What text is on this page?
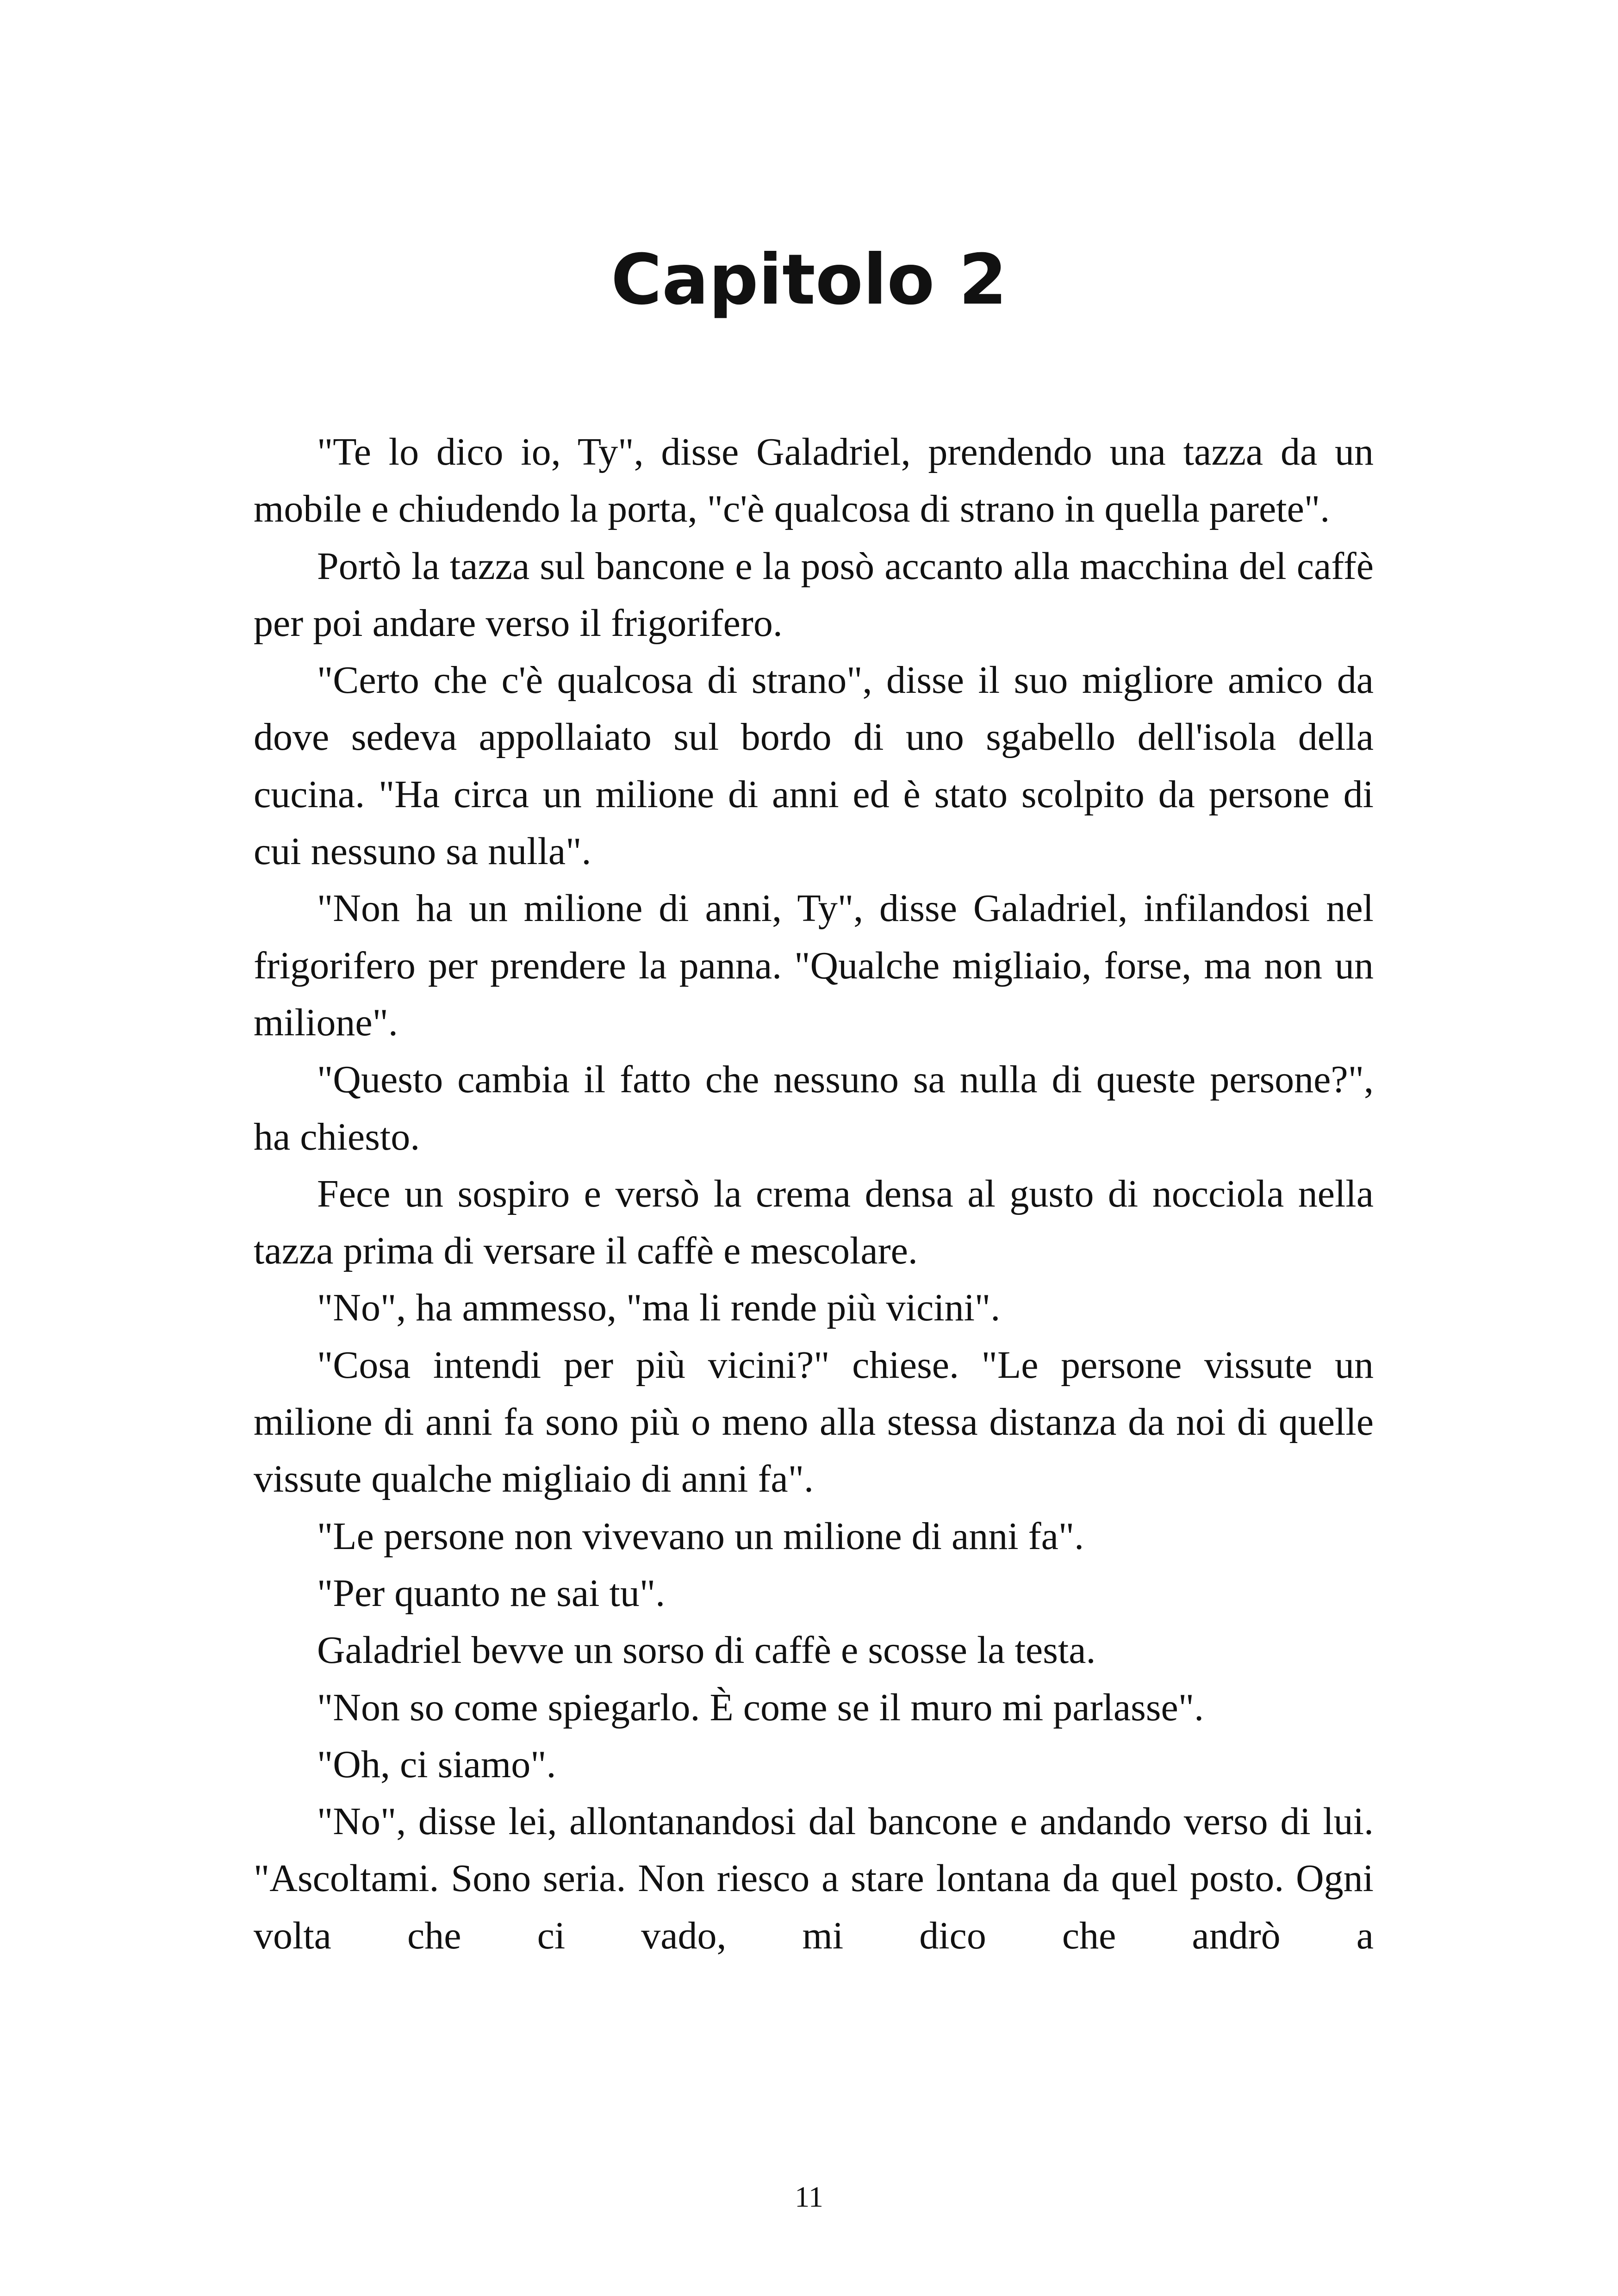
Capitolo 2

"Te lo dico io, Ty", disse Galadriel, prendendo una tazza da un mobile e chiudendo la porta, "c'è qualcosa di strano in quella parete".

Portò la tazza sul bancone e la posò accanto alla macchina del caffè per poi andare verso il frigorifero.

"Certo che c'è qualcosa di strano", disse il suo migliore amico da dove sedeva appollaiato sul bordo di uno sgabello dell'isola della cucina. "Ha circa un milione di anni ed è stato scolpito da persone di cui nessuno sa nulla".

"Non ha un milione di anni, Ty", disse Galadriel, infilandosi nel frigorifero per prendere la panna. "Qualche migliaio, forse, ma non un milione".

"Questo cambia il fatto che nessuno sa nulla di queste persone?", ha chiesto.

Fece un sospiro e versò la crema densa al gusto di nocciola nella tazza prima di versare il caffè e mescolare.

"No", ha ammesso, "ma li rende più vicini".

"Cosa intendi per più vicini?" chiese. "Le persone vissute un milione di anni fa sono più o meno alla stessa distanza da noi di quelle vissute qualche migliaio di anni fa".

"Le persone non vivevano un milione di anni fa".

"Per quanto ne sai tu".

Galadriel bevve un sorso di caffè e scosse la testa.

"Non so come spiegarlo. È come se il muro mi parlasse".

"Oh, ci siamo".

"No", disse lei, allontanandosi dal bancone e andando verso di lui. "Ascoltami. Sono seria. Non riesco a stare lontana da quel posto. Ogni volta che ci vado, mi dico che andrò a

11
